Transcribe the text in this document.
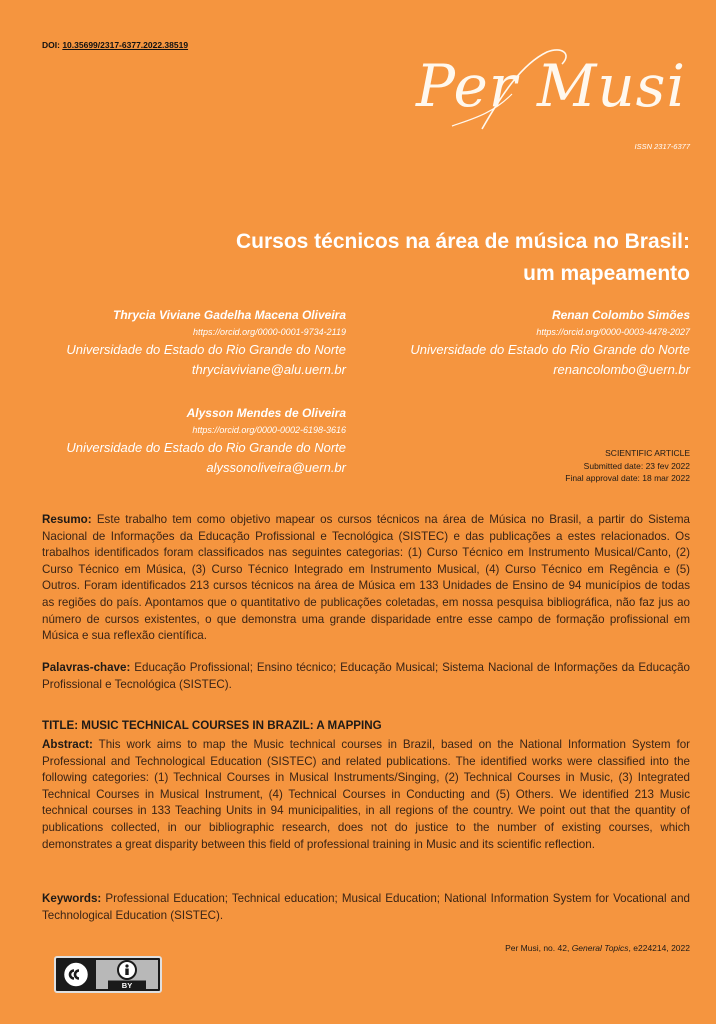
DOI: 10.35699/2317-6377.2022.38519
Per Musi
ISSN 2317-6377
Cursos técnicos na área de música no Brasil:
um mapeamento
Thrycia Viviane Gadelha Macena Oliveira
https://orcid.org/0000-0001-9734-2119
Universidade do Estado do Rio Grande do Norte
thryciaviviane@alu.uern.br
Renan Colombo Simões
https://orcid.org/0000-0003-4478-2027
Universidade do Estado do Rio Grande do Norte
renancolombo@uern.br
Alysson Mendes de Oliveira
https://orcid.org/0000-0002-6198-3616
Universidade do Estado do Rio Grande do Norte
alyssonoliveira@uern.br
SCIENTIFIC ARTICLE
Submitted date: 23 fev 2022
Final approval date: 18 mar 2022
Resumo: Este trabalho tem como objetivo mapear os cursos técnicos na área de Música no Brasil, a partir do Sistema Nacional de Informações da Educação Profissional e Tecnológica (SISTEC) e das publicações a estes relacionados. Os trabalhos identificados foram classificados nas seguintes categorias: (1) Curso Técnico em Instrumento Musical/Canto, (2) Curso Técnico em Música, (3) Curso Técnico Integrado em Instrumento Musical, (4) Curso Técnico em Regência e (5) Outros. Foram identificados 213 cursos técnicos na área de Música em 133 Unidades de Ensino de 94 municípios de todas as regiões do país. Apontamos que o quantitativo de publicações coletadas, em nossa pesquisa bibliográfica, não faz jus ao número de cursos existentes, o que demonstra uma grande disparidade entre esse campo de formação profissional em Música e sua reflexão científica.
Palavras-chave: Educação Profissional; Ensino técnico; Educação Musical; Sistema Nacional de Informações da Educação Profissional e Tecnológica (SISTEC).
TITLE: MUSIC TECHNICAL COURSES IN BRAZIL: A MAPPING
Abstract: This work aims to map the Music technical courses in Brazil, based on the National Information System for Professional and Technological Education (SISTEC) and related publications. The identified works were classified into the following categories: (1) Technical Courses in Musical Instruments/Singing, (2) Technical Courses in Music, (3) Integrated Technical Courses in Musical Instrument, (4) Technical Courses in Conducting and (5) Others. We identified 213 Music technical courses in 133 Teaching Units in 94 municipalities, in all regions of the country. We point out that the quantity of publications collected, in our bibliographic research, does not do justice to the number of existing courses, which demonstrates a great disparity between this field of professional training in Music and its scientific reflection.
Keywords: Professional Education; Technical education; Musical Education; National Information System for Vocational and Technological Education (SISTEC).
Per Musi, no. 42, General Topics, e224214, 2022
BY
